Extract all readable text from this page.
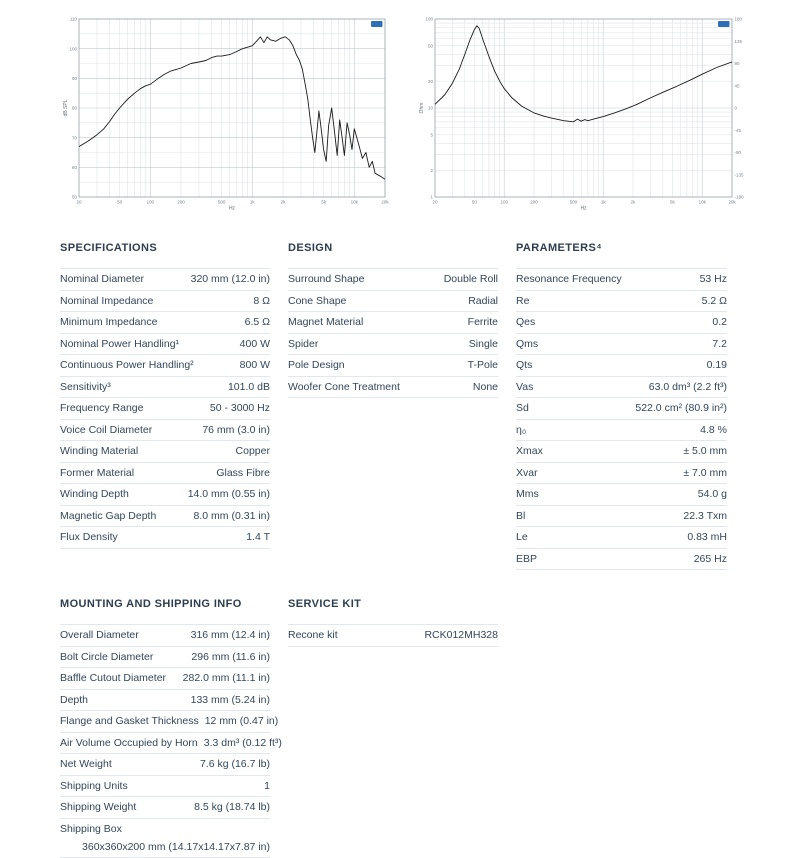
20	50	100	200	500	1k	2k	5k	10k	20k
50
60
70
80
90
100
110
Hz
dB SPL
20	50	100	200	500	1k	2k	5k	10k	20k
1
2
5
10
20
50
100	180
135
90
45
0
-45
-90
-135
-180
Hz
Ohm
SPECIFICATIONS
Nominal Diameter	320 mm (12.0 in)
Nominal Impedance	8 Ω
Minimum Impedance	6.5 Ω
Nominal Power Handling¹	400 W
Continuous Power Handling²	800 W
Sensitivity³	101.0 dB
Frequency Range	50 - 3000 Hz
Voice Coil Diameter	76 mm (3.0 in)
Winding Material	Copper
Former Material	Glass Fibre
Winding Depth	14.0 mm (0.55 in)
Magnetic Gap Depth	8.0 mm (0.31 in)
Flux Density	1.4 T
DESIGN
Surround Shape	Double Roll
Cone Shape	Radial
Magnet Material	Ferrite
Spider	Single
Pole Design	T-Pole
Woofer Cone Treatment	None
PARAMETERS⁴
Resonance Frequency	53 Hz
Re	5.2 Ω
Qes	0.2
Qms	7.2
Qts	0.19
Vas	63.0 dm³ (2.2 ft³)
Sd	522.0 cm² (80.9 in²)
η₀	4.8 %
Xmax	± 5.0 mm
Xvar	± 7.0 mm
Mms	54.0 g
Bl	22.3 Txm
Le	0.83 mH
EBP	265 Hz
MOUNTING AND SHIPPING INFO
Overall Diameter	316 mm (12.4 in)
Bolt Circle Diameter	296 mm (11.6 in)
Baffle Cutout Diameter 282.0 mm (11.1 in)
Depth	133 mm (5.24 in)
Flange and Gasket Thickness 12 mm (0.47 in)
Air Volume Occupied by Horn 3.3 dm³ (0.12 ft³)
Net Weight	7.6 kg (16.7 lb)
Shipping Units	1
Shipping Weight	8.5 kg (18.74 lb)
Shipping Box
360x360x200 mm (14.17x14.17x7.87 in)
SERVICE KIT
Recone kit	RCK012MH328
